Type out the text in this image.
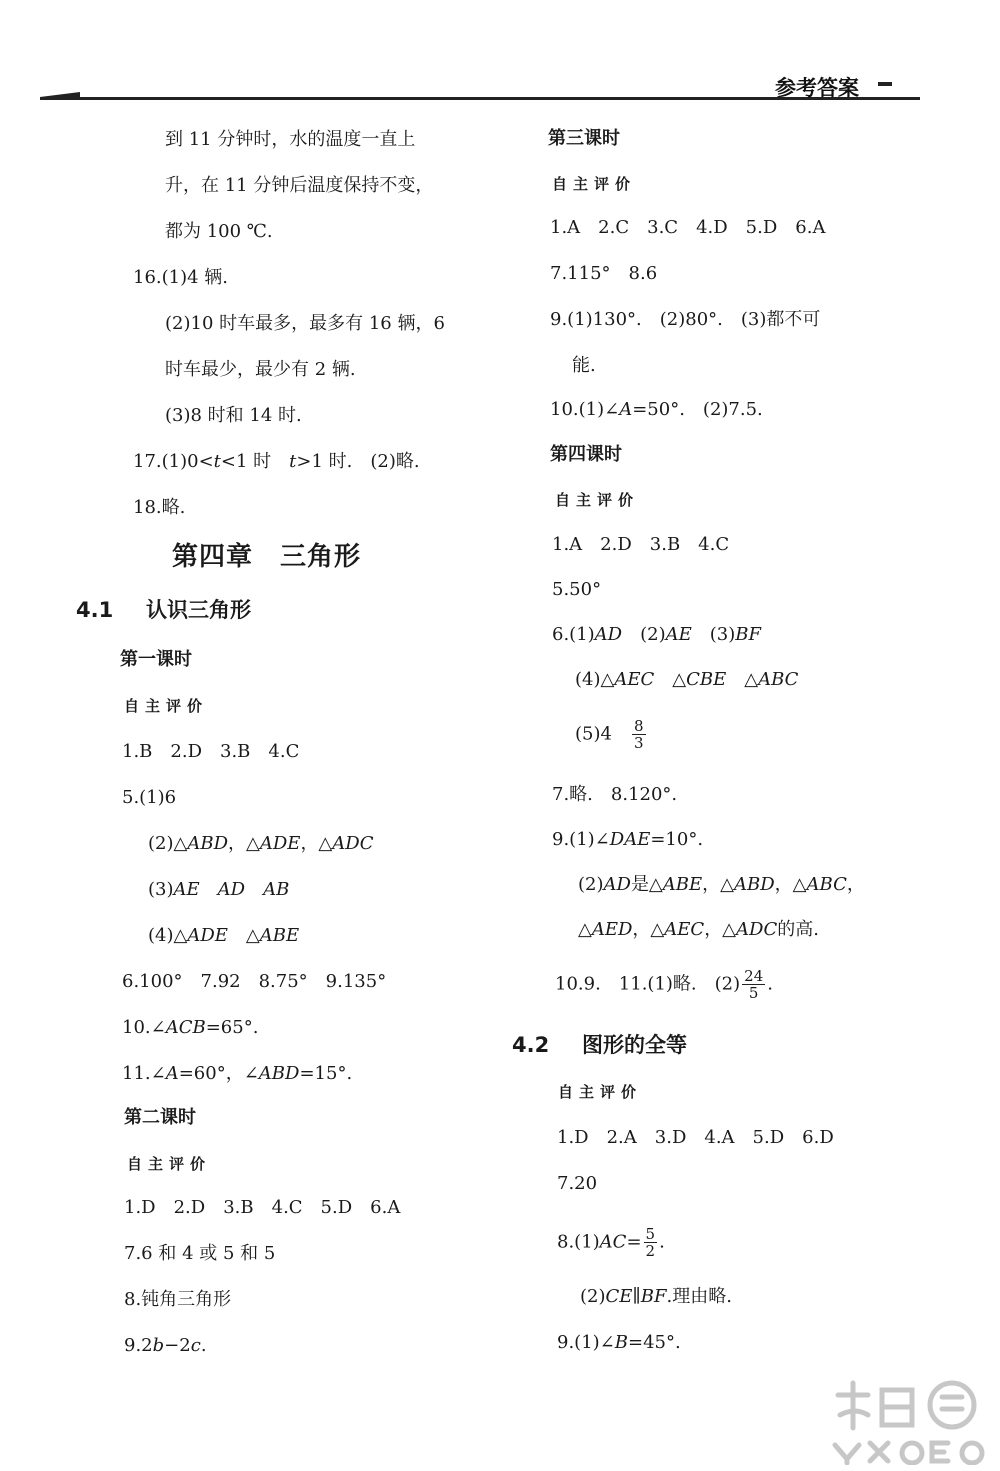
参考答案
到 11 分钟时，水的温度一直上
升，在 11 分钟后温度保持不变，
都为 100 ℃.
16.(1)4 辆.
(2)10 时车最多，最多有 16 辆，6
时车最少，最少有 2 辆.
(3)8 时和 14 时.
17.(1)0<t<1 时　 t>1 时.　 (2)略.
18.略.
第四章　三角形
4.1 认识三角形
第一课时
自主评价
1.B　2.D　3.B　4.C
5.(1)6
(2)△ABD，△ADE，△ADC
(3)AE　AD　AB
(4)△ADE　 △ABE
6.100°　7.92　8.75°　9.135°
10.∠ACB=65°.
11.∠A=60°，∠ABD=15°.
第二课时
自主评价
1.D　2.D　3.B　4.C　5.D　6.A
7.6 和 4 或 5 和 5
8.钝角三角形
9.2b−2c.
第三课时
自主评价
1.A　2.C　3.C　4.D　5.D　6.A
7.115°　8.6
9.(1)130°.　(2)80°.　(3)都不可
能.
10.(1)∠A=50°.　(2)7.5.
第四课时
自主评价
1.A　2.D　3.B　4.C
5.50°
6.(1)AD　 (2)AE　 (3)BF
(4)△AEC　 △CBE　 △ABC
(5)4　 $\frac{8}{3}$
7.略.　8.120°.
9.(1)∠DAE=10°.
(2)AD是△ABE，△ABD，△ABC，
△AED，△AEC，△ADC的高.
10.9.　11.(1)略.　$(2) \frac{24}{5}$ .
4.2 图形的全等
自主评价
1.D　2.A　3.D　4.A　5.D　6.D
7.20
$8.(1)AC= \frac{5}{2}$ .
(2)CE∥BF.理由略.
9.(1)∠B=45°.
